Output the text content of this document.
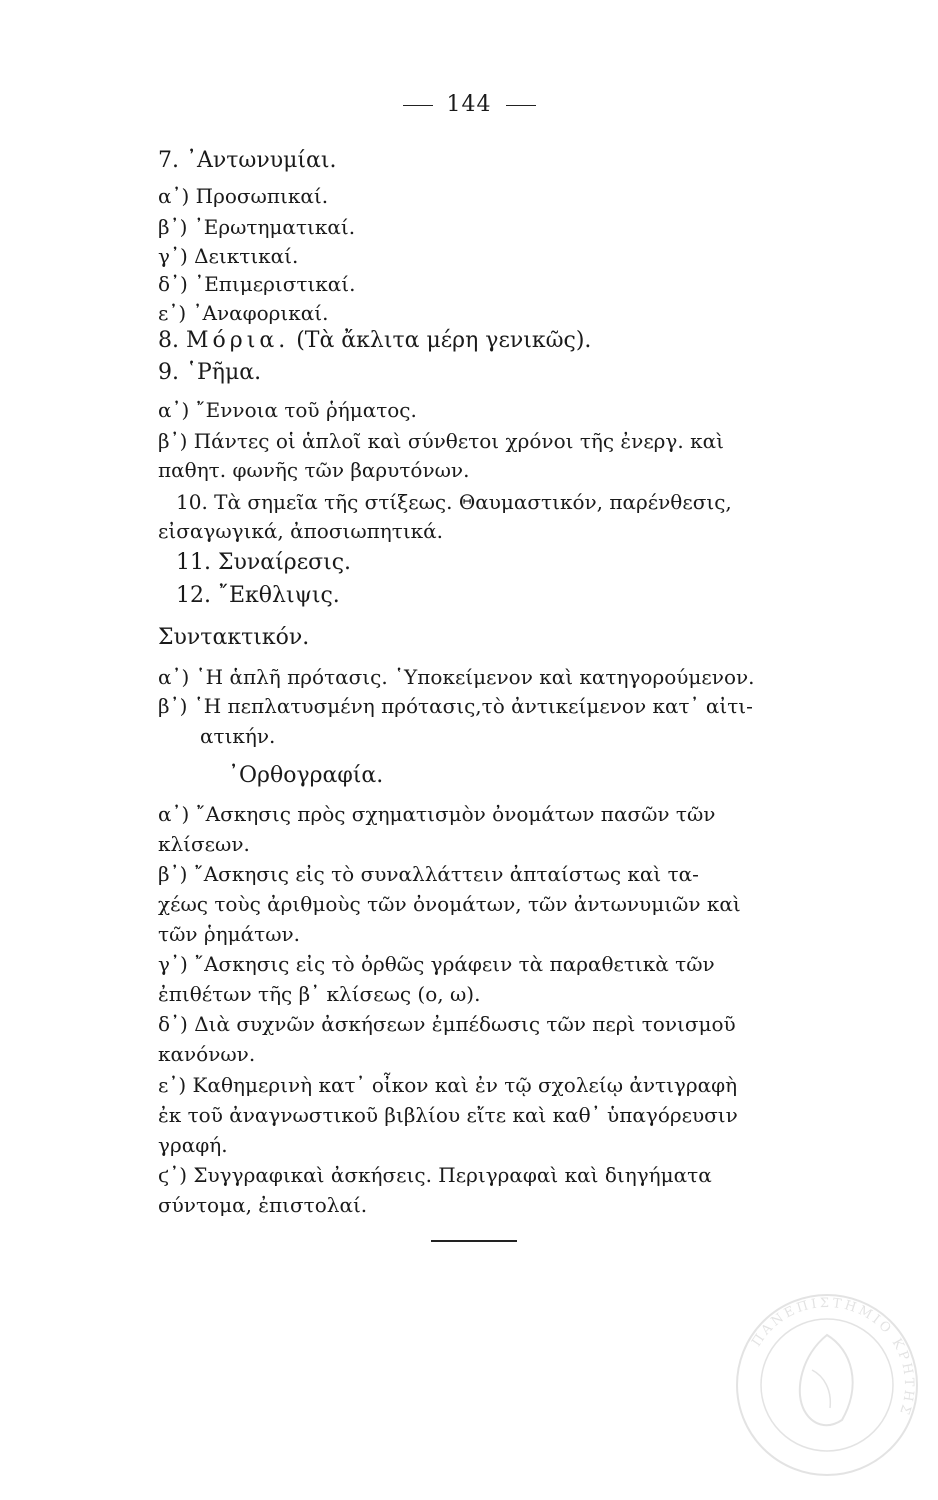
144
7. ᾽Αντωνυμίαι.
α᾽) Προσωπικαί.
β᾽) ᾽Ερωτηματικαί.
γ᾽) Δεικτικαί.
δ᾽) ᾽Επιμεριστικαί.
ε᾽) ᾽Αναφορικαί.
8. Μόρια. (Τὰ ἄκλιτα μέρη γενικῶς).
9. ῾Ρῆμα.
α᾽) ῎Εννοια τοῦ ῥήματος.
β᾽) Πάντες οἱ ἁπλοῖ καὶ σύνθετοι χρόνοι τῆς ἐνεργ. καὶ
παθητ. φωνῆς τῶν βαρυτόνων.
10. Τὰ σημεῖα τῆς στίξεως. Θαυμαστικόν, παρένθεσις,
εἰσαγωγικά, ἀποσιωπητικά.
11. Συναίρεσις.
12. ῎Εκθλιψις.
Συντακτικόν.
α᾽) ῾Η ἁπλῆ πρότασις. ῾Υποκείμενον καὶ κατηγορούμενον.
β᾽) ῾Η πεπλατυσμένη πρότασις,τὸ ἀντικείμενον κατ᾽ αἰτι-
ατικήν.
᾽Ορθογραφία.
α᾽) ῎Ασκησις πρὸς σχηματισμὸν ὀνομάτων πασῶν τῶν
κλίσεων.
β᾽) ῎Ασκησις εἰς τὸ συναλλάττειν ἀπταίστως καὶ τα-
χέως τοὺς ἀριθμοὺς τῶν ὀνομάτων, τῶν ἀντωνυμιῶν καὶ
τῶν ῥημάτων.
γ᾽) ῎Ασκησις εἰς τὸ ὀρθῶς γράφειν τὰ παραθετικὰ τῶν
ἐπιθέτων τῆς β᾽ κλίσεως (ο, ω).
δ᾽) Διὰ συχνῶν ἀσκήσεων ἐμπέδωσις τῶν περὶ τονισμοῦ
κανόνων.
ε᾽) Καθημερινὴ κατ᾽ οἶκον καὶ ἐν τῷ σχολείῳ ἀντιγραφὴ
ἐκ τοῦ ἀναγνωστικοῦ βιβλίου εἴτε καὶ καθ᾽ ὑπαγόρευσιν
γραφή.
ϛ᾽) Συγγραφικαὶ ἀσκήσεις. Περιγραφαὶ καὶ διηγήματα
σύντομα, ἐπιστολαί.
ΠΑΝΕΠΙΣΤΗΜΙΟ ΚΡΗΤΗΣ
